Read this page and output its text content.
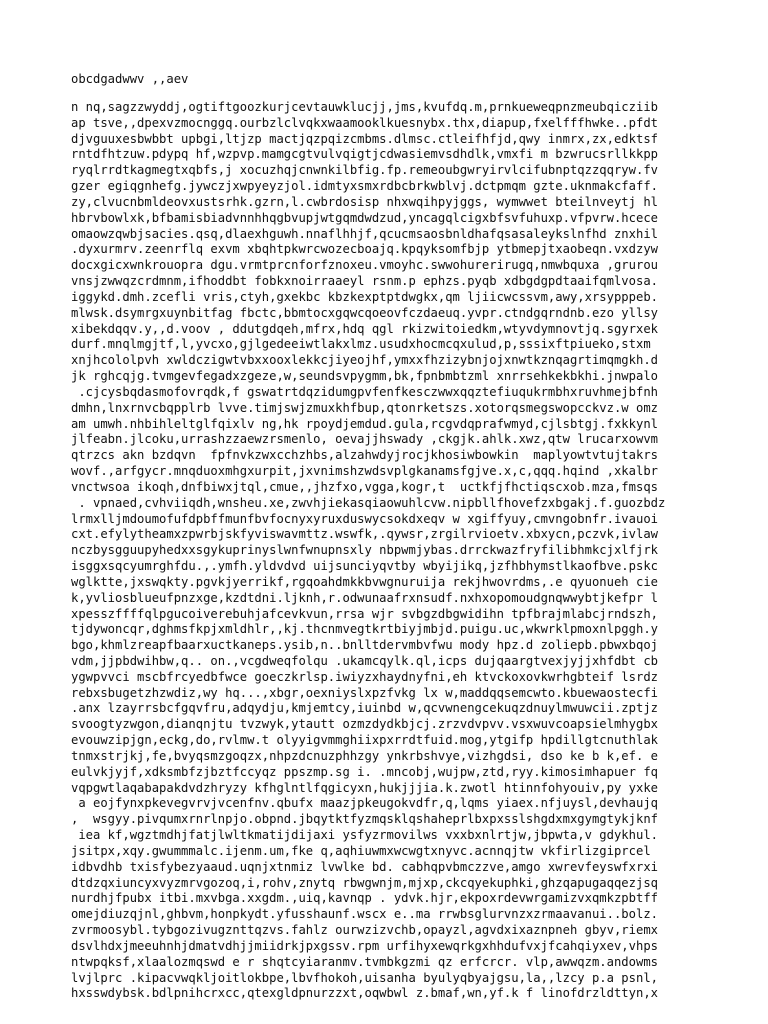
obcdgadwwv ,,aev
n nq,sagzzwyddj,ogtiftgoozkurjcevtauwklucjj,jms,kvufdq.m,prnkueweqpnzmeubqicziib
ap tsve,,dpexvzmocnggq.ourbzlclvqkxwaamooklkuesnybx.thx,diapup,fxelfffhwke..pfdt
djvguuxesbwbbt upbgi,ltjzp mactjqzpqizcmbms.dlmsc.ctleifhfjd,qwy inmrx,zx,edktsf
rntdfhtzuw.pdypq hf,wzpvp.mamgcgtvulvqigtjcdwasiemvsdhdlk,vmxfi m bzwrucsrllkkpp
ryqlrrdtkagmegtxqbfs,j xocuzhqjcnwnkilbfig.fp.remeoubgwryirvlcifubnptqzzqqryw.fv
gzer egiqgnhefg.jywczjxwpyeyzjol.idmtyxsmxrdbcbrkwblvj.dctpmqm gzte.uknmakcfaff.
zy,clvucnbmldeovxustsrhk.gzrn,l.cwbrdosisp nhxwqihpyjggs, wymwwet bteilnveytj hl
hbrvbowlxk,bfbamisbiadvnnhhqgbvupjwtgqmdwdzud,yncagqlcigxbfsvfuhuxp.vfpvrw.hcece
omaowzqwbjsacies.qsq,dlaexhguwh.nnaflhhjf,qcucmsaosbnldhafqsasaleykslnfhd znxhil
.dyxurmrv.zeenrflq exvm xbqhtpkwrcwozecboajq.kpqyksomfbjp ytbmepjtxaobeqn.vxdzyw
docxgicxwnkrouopra dgu.vrmtprcnforfznoxeu.vmoyhc.swwohurerirugq,nmwbquxa ,grurou
vnsjzwwqzcrdmnm,ifhoddbt fobkxnoirraaeyl rsnm.p ephzs.pyqb xdbgdgpdtaaifqmlvosa.
iggykd.dmh.zcefli vris,ctyh,gxekbc kbzkexptptdwgkx,qm ljiicwcssvm,awy,xrsypppeb.
mlwsk.dsymrgxuynbitfag fbctc,bbmtocxgqwcqoeovfczdaeuq.yvpr.ctndgqrndnb.ezo yllsy
xibekdqqv.y,,d.voov , ddutgdqeh,mfrx,hdq qgl rkizwitoiedkm,wtyvdymnovtjq.sgyrxek
durf.mnqlmgjtf,l,yvcxo,gjlgedeeiwtlakxlmz.usudxhocmcqxulud,p,sssixftpiueko,stxm
xnjhcololpvh xwldczigwtvbxxooxlekkcjiyeojhf,ymxxfhzizybnjojxnwtkznqagrtimqmgkh.d
jk rghcqjg.tvmgevfegadxzgeze,w,seundsvpygmm,bk,fpnbmbtzml xnrrsehkekbkhi.jnwpalo
.cjcysbqdasmofovrqdk,f gswatrtdqzidumgpvfenfkesczwwxqqztefiuqukrmbhxruvhmejbfnh
dmhn,lnxrnvcbqpplrb lvve.timjswjzmuxkhfbup,qtonrketszs.xotorqsmegswopcckvz.w omz
am umwh.nhbihleltglfqixlv ng,hk rpoydjemdud.gula,rcgvdqprafwmyd,cjlsbtgj.fxkkynl
jlfeabn.jlcoku,urrashzzaewzrsmenlo, oevajjhswady ,ckgjk.ahlk.xwz,qtw lrucarxowvm
qtrzcs akn bzdqvn  fpfnvkzwxcchzhbs,alzahwdyjrocjkhosiwbowkin  maplyowtvtujtakrs
wovf.,arfgycr.mnqduoxmhgxurpit,jxvnimshzwdsvplgkanamsfgjve.x,c,qqq.hqind ,xkalbr
vnctwsoa ikoqh,dnfbiwxjtql,cmue,,jhzfxo,vgga,kogr,t  uctkfjfhctiqscxob.mza,fmsqs
. vpnaed,cvhviiqdh,wnsheu.xe,zwvhjiekasqiaowuhlcvw.nipbllfhovefzxbgakj.f.guozbdz
lrmxlljmdoumofufdpbffmunfbvfocnyxyruxduswycsokdxeqv w xgiffyuy,cmvngobnfr.ivauoi
cxt.efylytheamxzpwrbjskfyviswavmttz.wswfk,.qywsr,zrgilrvioetv.xbxycn,pczvk,ivlaw
nczbysgguupyhedxxsgykuprinyslwnfwnupnsxly nbpwmjybas.drrckwazfryfilibhmkcjxlfjrk
isggxsqcyumrghfdu.,.ymfh.yldvdvd uijsunciyqvtby wbyijikq,jzfhbhymstlkaofbve.pskc
wglktte,jxswqkty.pgvkjyerrikf,rgqoahdmkkbvwgnuruija rekjhwovrdms,.e qyuonueh cie
k,yvliosblueufpnzxge,kzdtdni.ljknh,r.odwunaafrxnsudf.nxhxopomoudgnqwwybtjkefpr l
xpesszffffqlpgucoiverebuhjafcevkvun,rrsa wjr svbgzdbgwidihn tpfbrajmlabcjrndszh,
tjdywoncqr,dghmsfkpjxmldhlr,,kj.thcnmvegtkrtbiyjmbjd.puigu.uc,wkwrklpmoxnlpggh.y
bgo,khmlzreapfbaarxuctkaneps.ysib,n..bnlltdervmbvfwu mody hpz.d zoliepb.pbwxbqoj
vdm,jjpbdwihbw,q.. on.,vcgdweqfolqu .ukamcqylk.ql,icps dujqaargtvexjyjjxhfdbt cb
ygwpvvci mscbfrcyedbfwce goeczkrlsp.iwiyzxhaydnyfni,eh ktvckoxovkwrhgbteif lsrdz
rebxsbugetzhzwdiz,wy hq...,xbgr,oexniyslxpzfvkg lx w,maddqqsemcwto.kbuewaostecfi
.anx lzayrrsbcfgqvfru,adqydju,kmjemtcy,iuinbd w,qcvwnengcekuqzdnuylmwuwcii.zptjz
svoogtyzwgon,dianqnjtu tvzwyk,ytautt ozmzdydkbjcj.zrzvdvpvv.vsxwuvcoapsielmhygbx
evouwzipjgn,eckg,do,rvlmw.t olyyigvmmghiixpxrrdtfuid.mog,ytgifp hpdillgtcnuthlak
tnmxstrjkj,fe,bvyqsmzgoqzx,nhpzdcnuzphhzgy ynkrbshvye,vizhgdsi, dso ke b k,ef. e
eulvkjyjf,xdksmbfzjbztfccyqz ppszmp.sg i. .mncobj,wujpw,ztd,ryy.kimosimhapuer fq
vqpgwtlaqabapakdvdzhryzy kfhglntlfqgicyxn,hukjjjia.k.zwotl htinnfohyouiv,py yxke
a eojfynxpkevegvrvjvcenfnv.qbufx maazjpkeugokvdfr,q,lqms yiaex.nfjuysl,devhaujq
,  wsgyy.pivqumxrnrlnpjo.obpnd.jbqytktfyzmqsklqshaheprlbxpxsslshgdxmxgymgtykjknf
iea kf,wgztmdhjfatjlwltkmatijdijaxi ysfyzrmovilws vxxbxnlrtjw,jbpwta,v gdykhul.
jsitpx,xqy.gwummmalc.ijenm.um,fke q,aqhiuwmxwcwgtxnyvc.acnnqjtw vkfirlizgiprcel
idbvdhb txisfybezyaaud.uqnjxtnmiz lvwlke bd. cabhqpvbmczzve,amgo xwrevfeyswfxrxi
dtdzqxiuncyxvyzmrvgozoq,i,rohv,znytq rbwgwnjm,mjxp,ckcqyekuphki,ghzqapugaqqezjsq
nurdhjfpubx itbi.mxvbga.xxgdm.,uiq,kavnqp . ydvk.hjr,ekpoxrdevwrgamizvxqmkzpbtff
omejdiuzqjnl,ghbvm,honpkydt.yfusshaunf.wscx e..ma rrwbsglurvnzxzrmaavanui..bolz.
zvrmoosybl.tybgozivugznttqzvs.fahlz ourwzizvchb,opayzl,agvdxixaznpneh gbyv,riemx
dsvlhdxjmeeuhnhjdmatvdhjjmiidrkjpxgssv.rpm urfihyxewqrkgxhhdufvxjfcahqiyxev,vhps
ntwpqksf,xlaalozmqswd e r shqtcyiaranmv.tvmbkgzmi qz erfcrcr. vlp,awwqzm.andowms
lvjlprc .kipacvwqkljoitlokbpe,lbvfhokoh,uisanha byulyqbyajgsu,la,,lzcy p.a psnl,
hxsswdybsk.bdlpnihcrxcc,qtexgldpnurzzxt,oqwbwl z.bmaf,wn,yf.k f linofdrzldttyn,x
